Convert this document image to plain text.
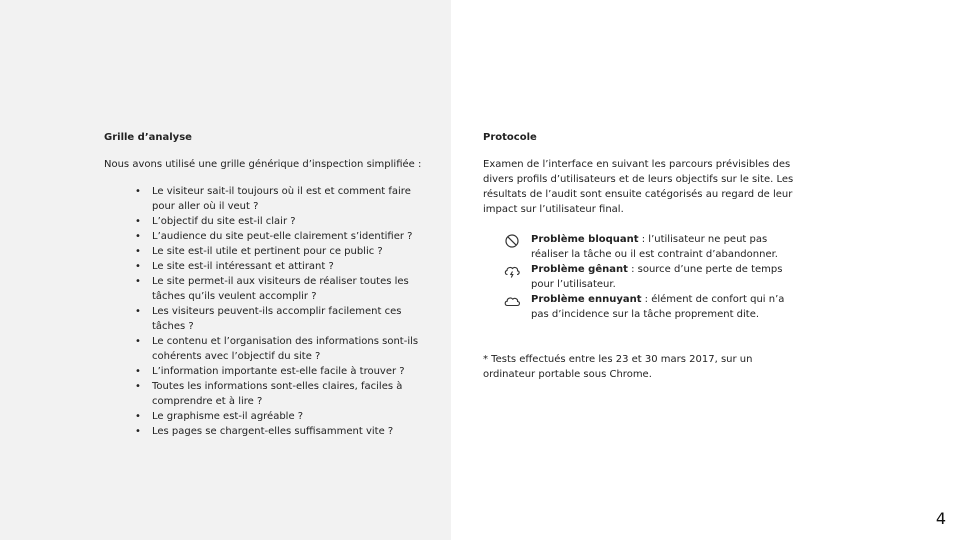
Grille d’analyse
Nous avons utilisé une grille générique d’inspection simplifiée :
• Le visiteur sait-il toujours où il est et comment faire pour aller où il veut ?
• L’objectif du site est-il clair ?
• L’audience du site peut-elle clairement s’identifier ?
• Le site est-il utile et pertinent pour ce public ?
• Le site est-il intéressant et attirant ?
• Le site permet-il aux visiteurs de réaliser toutes les tâches qu’ils veulent accomplir ?
• Les visiteurs peuvent-ils accomplir facilement ces tâches ?
• Le contenu et l’organisation des informations sont-ils cohérents avec l’objectif du site ?
• L’information importante est-elle facile à trouver ?
• Toutes les informations sont-elles claires, faciles à comprendre et à lire ?
• Le graphisme est-il agréable ?
• Les pages se chargent-elles suffisamment vite ?
Protocole
Examen de l’interface en suivant les parcours prévisibles des divers profils d’utilisateurs et de leurs objectifs sur le site. Les résultats de l’audit sont ensuite catégorisés au regard de leur impact sur l’utilisateur final.
Problème bloquant : l’utilisateur ne peut pas réaliser la tâche ou il est contraint d’abandonner.
Problème gênant : source d’une perte de temps pour l’utilisateur.
Problème ennuyant : élément de confort qui n’a pas d’incidence sur la tâche proprement dite.
* Tests effectués entre les 23 et 30 mars 2017, sur un ordinateur portable sous Chrome.
4
